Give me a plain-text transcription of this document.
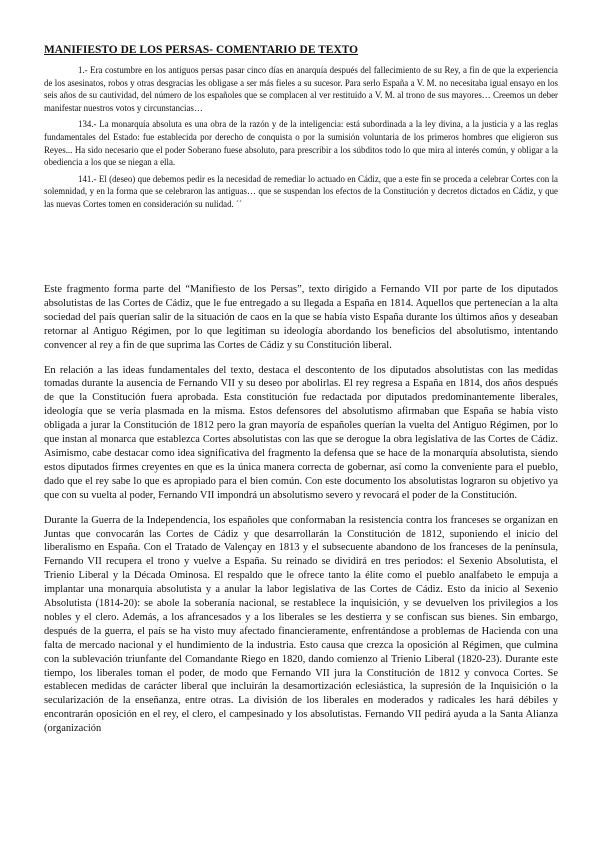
MANIFIESTO DE LOS PERSAS- COMENTARIO DE TEXTO

1.- Era costumbre en los antiguos persas pasar cinco días en anarquía después del fallecimiento de su Rey, a fin de que la experiencia de los asesinatos, robos y otras desgracias les obligase a ser más fieles a su sucesor. Para serlo España a V. M. no necesitaba igual ensayo en los seis años de su cautividad, del número de los españoles que se complacen al ver restituido a V. M. al trono de sus mayores… Creemos un deber manifestar nuestros votos y circunstancias…

134.- La monarquía absoluta es una obra de la razón y de la inteligencia: está subordinada a la ley divina, a la justicia y a las reglas fundamentales del Estado: fue establecida por derecho de conquista o por la sumisión voluntaria de los primeros hombres que eligieron sus Reyes... Ha sido necesario que el poder Soberano fuese absoluto, para prescribir a los súbditos todo lo que mira al interés común, y obligar a la obediencia a los que se niegan a ella.

141.- El (deseo) que debemos pedir es la necesidad de remediar lo actuado en Cádiz, que a este fin se proceda a celebrar Cortes con la solemnidad, y en la forma que se celebraron las antiguas… que se suspendan los efectos de la Constitución y decretos dictados en Cádiz, y que las nuevas Cortes tomen en consideración su nulidad. ´´

Este fragmento forma parte del “Manifiesto de los Persas”, texto dirigido a Fernando VII por parte de los diputados absolutistas de las Cortes de Cádiz, que le fue entregado a su llegada a España en 1814. Aquellos que pertenecían a la alta sociedad del país querían salir de la situación de caos en la que se había visto España durante los últimos años y deseaban retornar al Antiguo Régimen, por lo que legitiman su ideología abordando los beneficios del absolutismo, intentando convencer al rey a fin de que suprima las Cortes de Cádiz y su Constitución liberal.

En relación a las ideas fundamentales del texto, destaca el descontento de los diputados absolutistas con las medidas tomadas durante la ausencia de Fernando VII y su deseo por abolirlas. El rey regresa a España en 1814, dos años después de que la Constitución fuera aprobada. Esta constitución fue redactada por diputados predominantemente liberales, ideología que se vería plasmada en la misma. Estos defensores del absolutismo afirmaban que España se había visto obligada a jurar la Constitución de 1812 pero la gran mayoría de españoles querían la vuelta del Antiguo Régimen, por lo que instan al monarca que establezca Cortes absolutistas con las que se derogue la obra legislativa de las Cortes de Cádiz. Asimismo, cabe destacar como idea significativa del fragmento la defensa que se hace de la monarquía absolutista, siendo estos diputados firmes creyentes en que es la única manera correcta de gobernar, así como la conveniente para el pueblo, dado que el rey sabe lo que es apropiado para el bien común. Con este documento los absolutistas lograron su objetivo ya que con su vuelta al poder, Fernando VII impondrá un absolutismo severo y revocará el poder de la Constitución.

Durante la Guerra de la Independencia, los españoles que conformaban la resistencia contra los franceses se organizan en Juntas que convocarán las Cortes de Cádiz y que desarrollarán la Constitución de 1812, suponiendo el inicio del liberalismo en España. Con el Tratado de Valençay en 1813 y el subsecuente abandono de los franceses de la península, Fernando VII recupera el trono y vuelve a España. Su reinado se dividirá en tres periodos: el Sexenio Absolutista, el Trienio Liberal y la Década Ominosa. El respaldo que le ofrece tanto la élite como el pueblo analfabeto le empuja a implantar una monarquía absolutista y a anular la labor legislativa de las Cortes de Cádiz. Esto da inicio al Sexenio Absolutista (1814-20): se abole la soberanía nacional, se restablece la inquisición, y se devuelven los privilegios a los nobles y el clero. Además, a los afrancesados y a los liberales se les destierra y se confiscan sus bienes. Sin embargo, después de la guerra, el país se ha visto muy afectado financieramente, enfrentándose a problemas de Hacienda con una falta de mercado nacional y el hundimiento de la industria. Esto causa que crezca la oposición al Régimen, que culmina con la sublevación triunfante del Comandante Riego en 1820, dando comienzo al Trienio Liberal (1820-23). Durante este tiempo, los liberales toman el poder, de modo que Fernando VII jura la Constitución de 1812 y convoca Cortes. Se establecen medidas de carácter liberal que incluirán la desamortización eclesiástica, la supresión de la Inquisición o la secularización de la enseñanza, entre otras. La división de los liberales en moderados y radicales les hará débiles y encontrarán oposición en el rey, el clero, el campesinado y los absolutistas. Fernando VII pedirá ayuda a la Santa Alianza (organización
